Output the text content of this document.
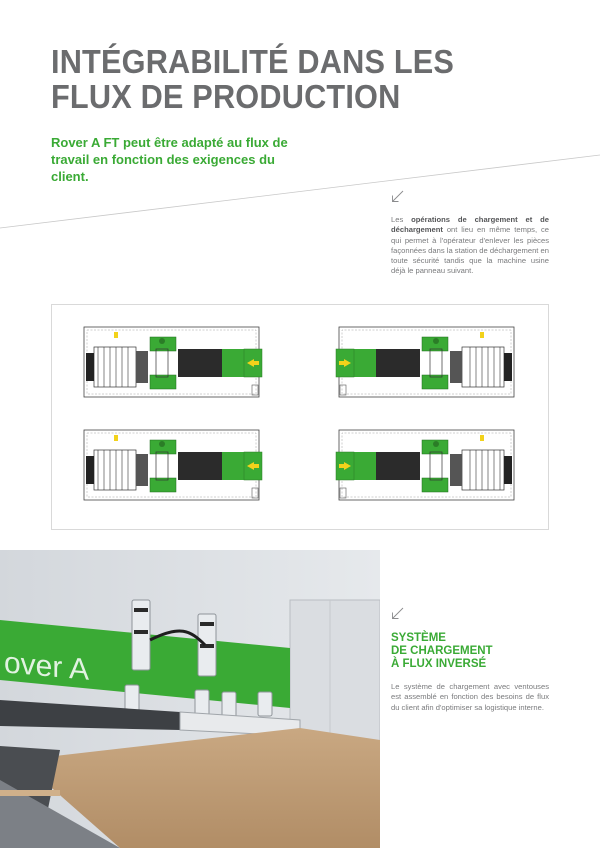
INTÉGRABILITÉ DANS LES
FLUX DE PRODUCTION
Rover A FT peut être adapté au flux de travail en fonction des exigences du client.
Les opérations de chargement et de déchargement ont lieu en même temps, ce qui permet à l'opérateur d'enlever les pièces façonnées dans la station de déchargement en toute sécurité tandis que la machine usine déjà le panneau suivant.
over A
SYSTÈME
DE CHARGEMENT
À FLUX INVERSÉ
Le système de chargement avec ventouses est assemblé en fonction des besoins de flux du client afin d'optimiser sa logistique interne.
